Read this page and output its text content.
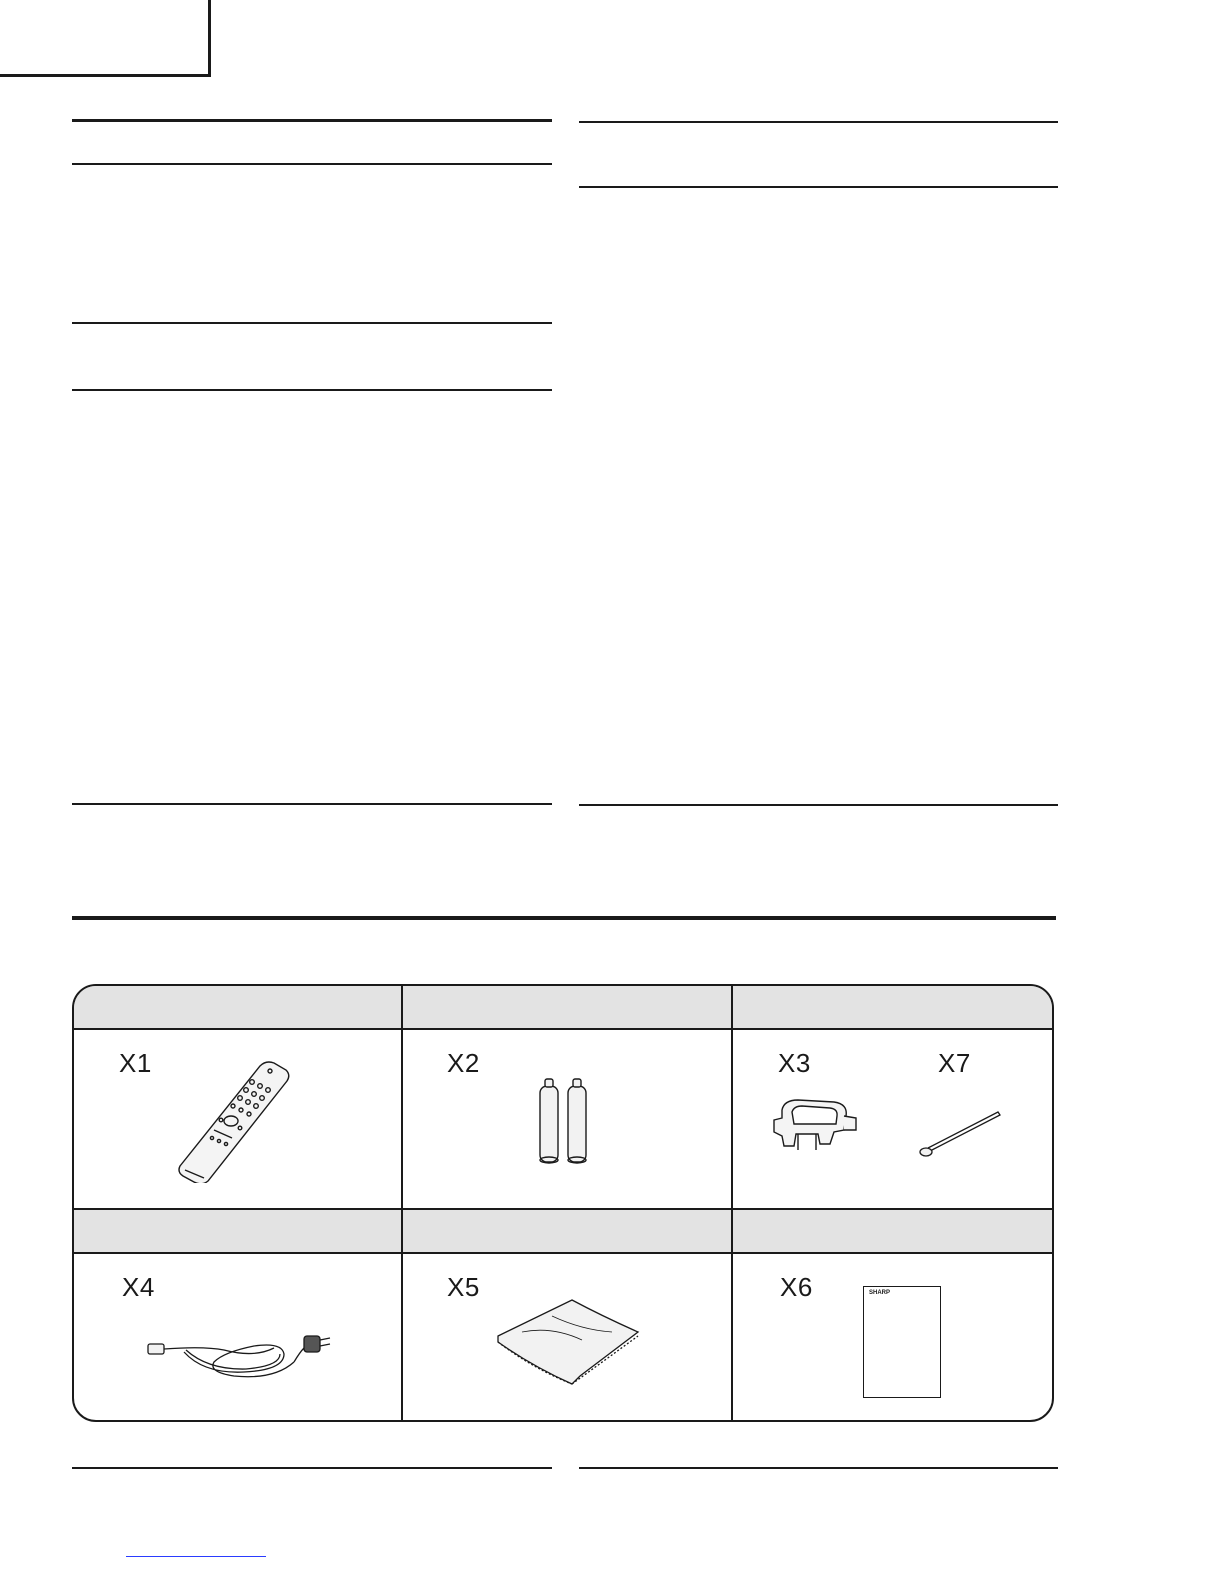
X1	X2	X3	X7
X4	X5	X6	SHARP
